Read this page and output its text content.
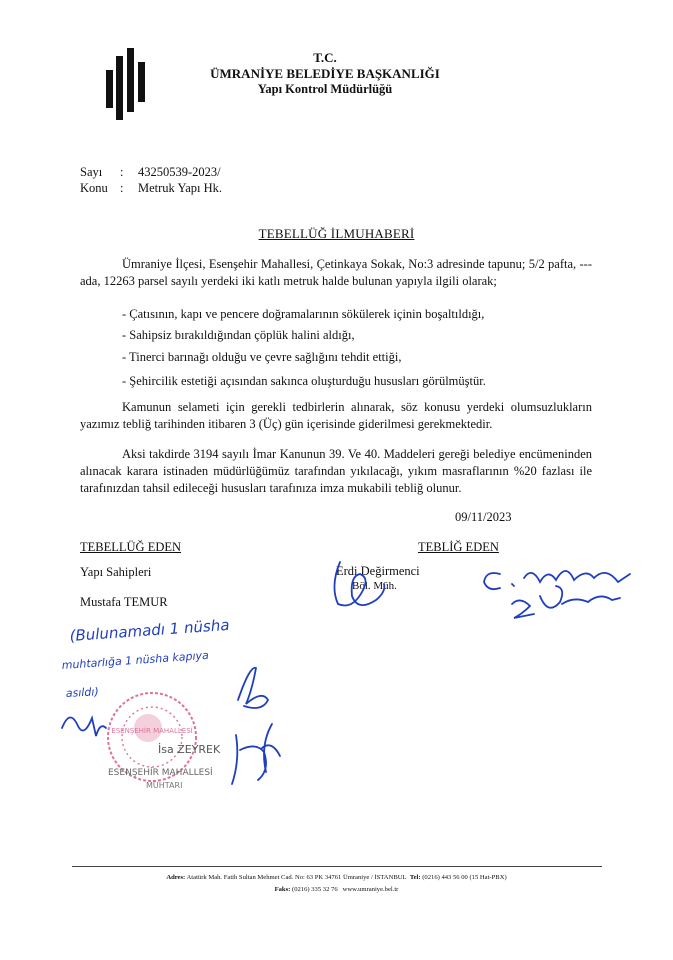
T.C.
ÜMRANİYE BELEDİYE BAŞKANLIĞI
Yapı Kontrol Müdürlüğü
Sayı : 43250539-2023/
Konu : Metruk Yapı Hk.
TEBELLÜĞ İLMUHABERİ
Ümraniye İlçesi, Esenşehir Mahallesi, Çetinkaya Sokak, No:3 adresinde tapunu; 5/2 pafta, --- ada, 12263 parsel sayılı yerdeki iki katlı metruk halde bulunan yapıyla ilgili olarak;
- Çatısının, kapı ve pencere doğramalarının sökülerek içinin boşaltıldığı,
- Sahipsiz bırakıldığından çöplük halini aldığı,
- Tinerci barınağı olduğu ve çevre sağlığını tehdit ettiği,
- Şehircilik estetiği açısından sakınca oluşturduğu hususları görülmüştür.
Kamunun selameti için gerekli tedbirlerin alınarak, söz konusu yerdeki olumsuzlukların yazımız tebliğ tarihinden itibaren 3 (Üç) gün içerisinde giderilmesi gerekmektedir.
Aksi takdirde 3194 sayılı İmar Kanunun 39. Ve 40. Maddeleri gereği belediye encümeninden alınacak karara istinaden müdürlüğümüz tarafından yıkılacağı, yıkım masraflarının %20 fazlası ile tarafınızdan tahsil edileceği hususları tarafınıza imza mukabili tebliğ olunur.
09/11/2023
TEBELLÜĞ EDEN
Yapı Sahipleri
Mustafa TEMUR
TEBLİĞ EDEN
Erdi Değirmenci
Böl. Müh.
ESENŞEHİR MAHALLESİ
İsa ZEYREK
ESENŞEHİR MAHALLESİ
MUHTARI
(Bulunamadı 1 nüsha
muhtarlığa 1 nüsha kapıya
asıldı)
Adres: Atatürk Mah. Fatih Sultan Mehmet Cad. No: 63 PK 34761 Ümraniye / İSTANBUL Tel: (0216) 443 56 00 (15 Hat-PBX)
Faks: (0216) 335 32 76 www.umraniye.bel.tr
